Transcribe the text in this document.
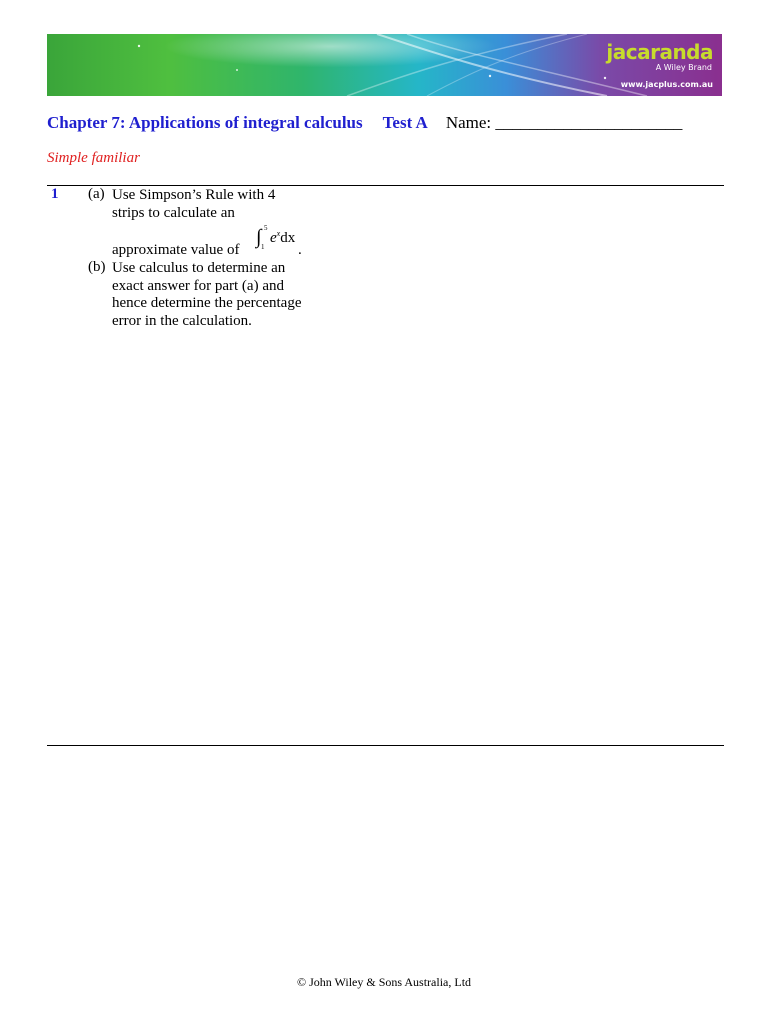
jacaranda
A Wiley Brand
www.jacplus.com.au
Chapter 7: Applications of integral calculus Test A Name: ______________________
Simple familiar
1 (a) Use Simpson’s Rule with 4
strips to calculate an
approximate value of
∫ 5
1
$e^xdx$
.
(b) Use calculus to determine an
exact answer for part (a) and
hence determine the percentage
error in the calculation.
© John Wiley & Sons Australia, Ltd
